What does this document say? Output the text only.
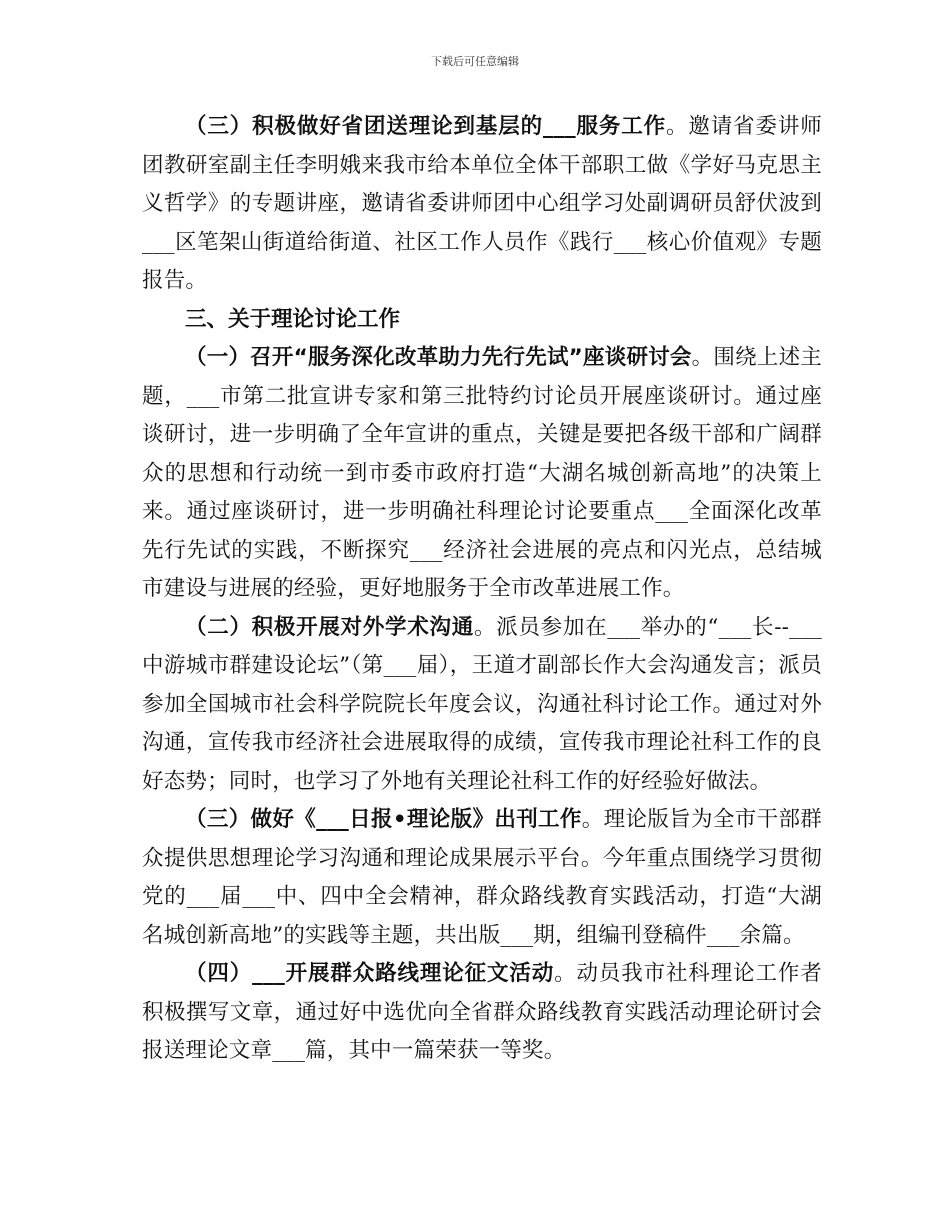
下载后可任意编辑

（三）积极做好省团送理论到基层的___服务工作。邀请省委讲师团教研室副主任李明娥来我市给本单位全体干部职工做《学好马克思主义哲学》的专题讲座，邀请省委讲师团中心组学习处副调研员舒伏波到___区笔架山街道给街道、社区工作人员作《践行___核心价值观》专题报告。

三、关于理论讨论工作

（一）召开“服务深化改革助力先行先试”座谈研讨会。围绕上述主题，___市第二批宣讲专家和第三批特约讨论员开展座谈研讨。通过座谈研讨，进一步明确了全年宣讲的重点，关键是要把各级干部和广阔群众的思想和行动统一到市委市政府打造“大湖名城创新高地”的决策上来。通过座谈研讨，进一步明确社科理论讨论要重点___全面深化改革先行先试的实践，不断探究___经济社会进展的亮点和闪光点，总结城市建设与进展的经验，更好地服务于全市改革进展工作。

（二）积极开展对外学术沟通。派员参加在___举办的“___长--___中游城市群建设论坛”（第___届），王道才副部长作大会沟通发言；派员参加全国城市社会科学院院长年度会议，沟通社科讨论工作。通过对外沟通，宣传我市经济社会进展取得的成绩，宣传我市理论社科工作的良好态势；同时，也学习了外地有关理论社科工作的好经验好做法。

（三）做好《___日报•理论版》出刊工作。理论版旨为全市干部群众提供思想理论学习沟通和理论成果展示平台。今年重点围绕学习贯彻党的___届___中、四中全会精神，群众路线教育实践活动，打造“大湖名城创新高地”的实践等主题，共出版___期，组编刊登稿件___余篇。

（四）___开展群众路线理论征文活动。动员我市社科理论工作者积极撰写文章，通过好中选优向全省群众路线教育实践活动理论研讨会报送理论文章___篇，其中一篇荣获一等奖。
